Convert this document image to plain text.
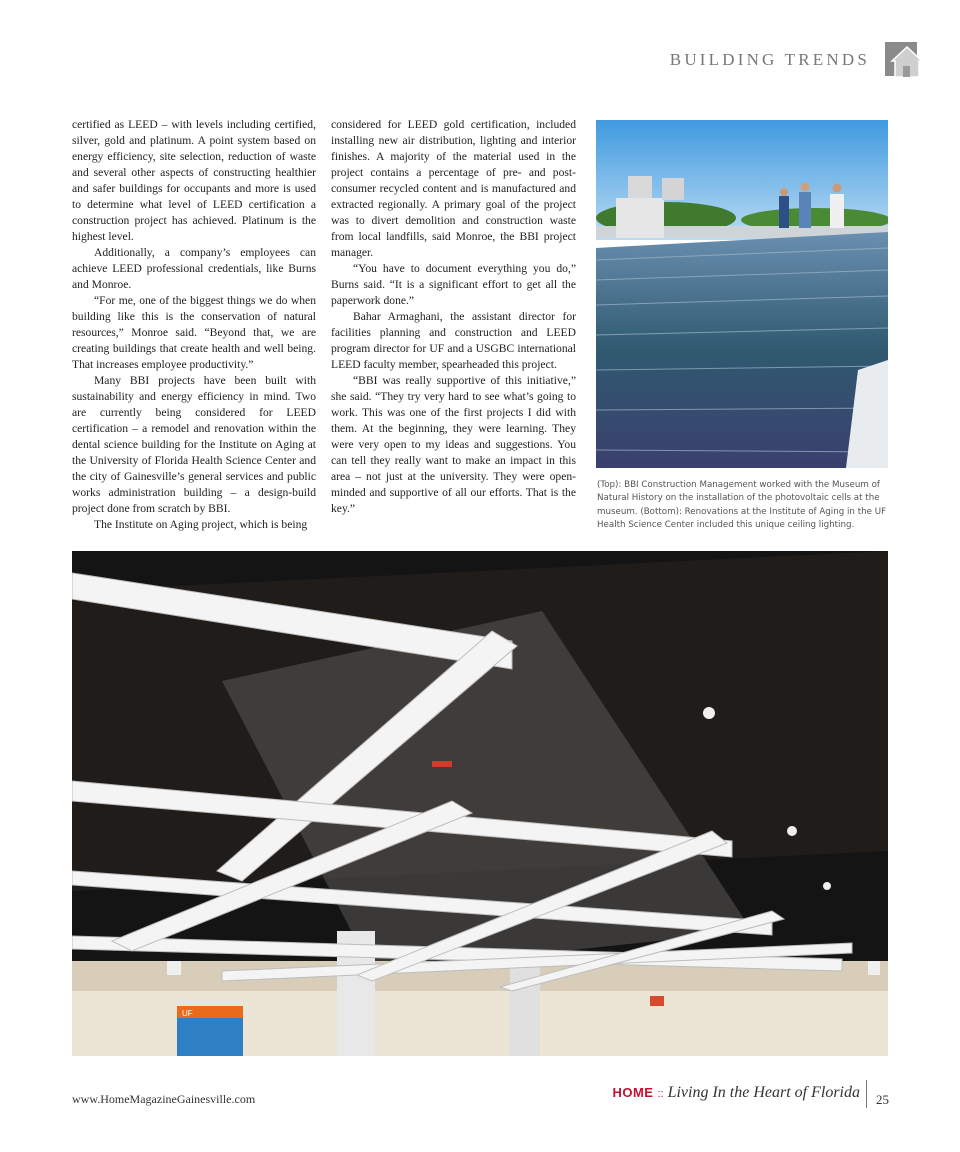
BUILDING TRENDS

certified as LEED – with levels including certified, silver, gold and platinum. A point system based on energy efficiency, site selection, reduction of waste and several other aspects of constructing healthier and safer buildings for occupants and more is used to determine what level of LEED certification a construction project has achieved. Platinum is the highest level.

Additionally, a company’s employees can achieve LEED professional credentials, like Burns and Monroe.

“For me, one of the biggest things we do when building like this is the conservation of natural resources,” Monroe said. “Beyond that, we are creating buildings that create health and well being. That increases employee productivity.”

Many BBI projects have been built with sustainability and energy efficiency in mind. Two are currently being considered for LEED certification – a remodel and renovation within the dental science building for the Institute on Aging at the University of Florida Health Science Center and the city of Gainesville’s general services and public works administration building – a design-build project done from scratch by BBI.

The Institute on Aging project, which is being

considered for LEED gold certification, included installing new air distribution, lighting and interior finishes. A majority of the material used in the project contains a percentage of pre- and post-consumer recycled content and is manufactured and extracted regionally. A primary goal of the project was to divert demolition and construction waste from local landfills, said Monroe, the BBI project manager.

“You have to document everything you do,” Burns said. “It is a significant effort to get all the paperwork done.”

Bahar Armaghani, the assistant director for facilities planning and construction and LEED program director for UF and a USGBC international LEED faculty member, spearheaded this project.

“BBI was really supportive of this initiative,” she said. “They try very hard to see what’s going to work. This was one of the first projects I did with them. At the beginning, they were learning. They were very open to my ideas and suggestions. You can tell they really want to make an impact in this area – not just at the university. They were open-minded and supportive of all our efforts. That is the key.”

(Top): BBI Construction Management worked with the Museum of Natural History on the installation of the photovoltaic cells at the museum. (Bottom): Renovations at the Institute of Aging in the UF Health Science Center included this unique ceiling lighting.
UF
www.HomeMagazineGainesville.com	HOME :: Living In the Heart of Florida 25
